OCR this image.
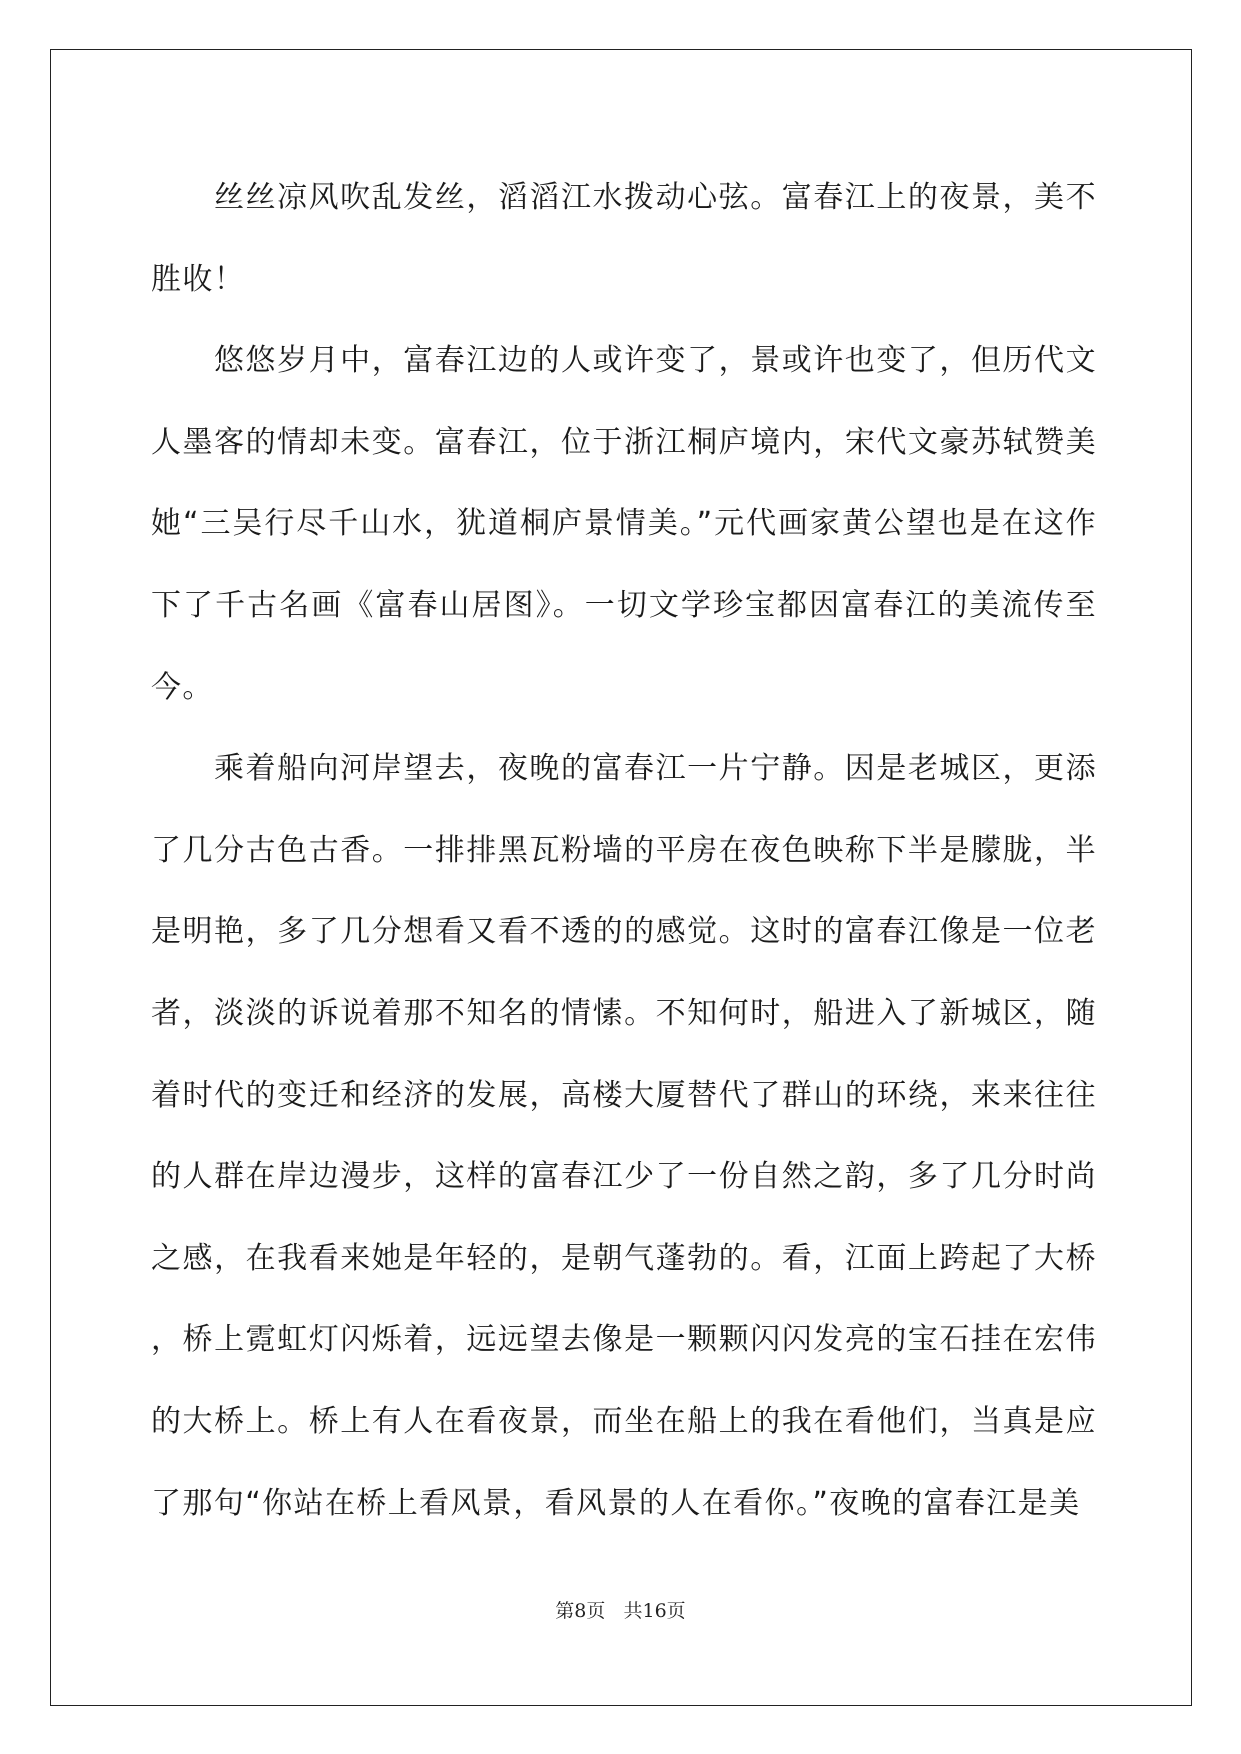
丝丝凉风吹乱发丝，滔滔江水拨动心弦。富春江上的夜景，美不胜收！

悠悠岁月中，富春江边的人或许变了，景或许也变了，但历代文人墨客的情却未变。富春江，位于浙江桐庐境内，宋代文豪苏轼赞美她“三吴行尽千山水，犹道桐庐景情美。”元代画家黄公望也是在这作下了千古名画《富春山居图》。一切文学珍宝都因富春江的美流传至今。

乘着船向河岸望去，夜晚的富春江一片宁静。因是老城区，更添了几分古色古香。一排排黑瓦粉墙的平房在夜色映称下半是朦胧，半是明艳，多了几分想看又看不透的的感觉。这时的富春江像是一位老者，淡淡的诉说着那不知名的情愫。不知何时，船进入了新城区，随着时代的变迁和经济的发展，高楼大厦替代了群山的环绕，来来往往的人群在岸边漫步，这样的富春江少了一份自然之韵，多了几分时尚之感，在我看来她是年轻的，是朝气蓬勃的。看，江面上跨起了大桥，桥上霓虹灯闪烁着，远远望去像是一颗颗闪闪发亮的宝石挂在宏伟的大桥上。桥上有人在看夜景，而坐在船上的我在看他们，当真是应了那句“你站在桥上看风景，看风景的人在看你。”夜晚的富春江是美

第8页   共16页
